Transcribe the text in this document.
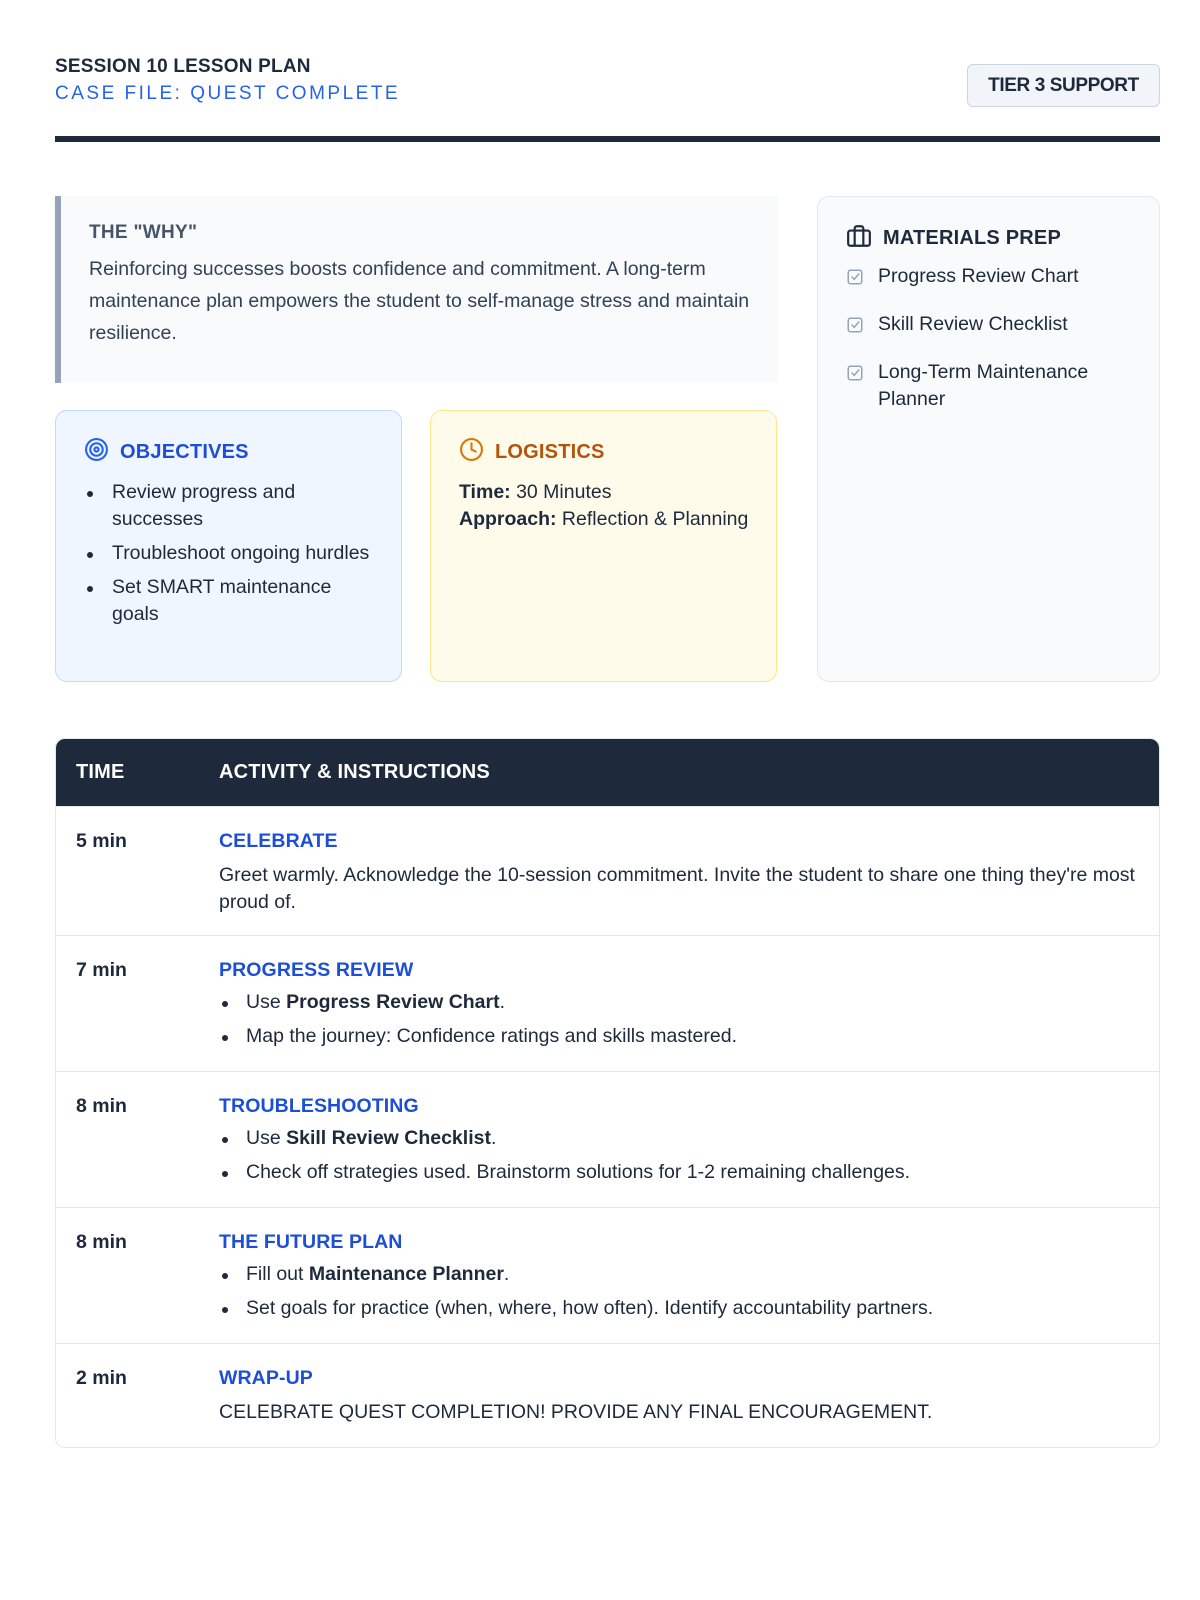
SESSION 10 LESSON PLAN
CASE FILE: QUEST COMPLETE	TIER 3 SUPPORT
THE "WHY"
Reinforcing successes boosts confidence and commitment. A long-term maintenance plan empowers the student to self-manage stress and maintain resilience.
OBJECTIVES
Review progress and successes
Troubleshoot ongoing hurdles
Set SMART maintenance goals
LOGISTICS
Time: 30 Minutes
Approach: Reflection & Planning
MATERIALS PREP
Progress Review Chart
Skill Review Checklist
Long-Term Maintenance Planner
TIME	ACTIVITY & INSTRUCTIONS
5 min	CELEBRATE
Greet warmly. Acknowledge the 10-session commitment. Invite the student to share one thing they're most proud of.
7 min	PROGRESS REVIEW
Use Progress Review Chart.
Map the journey: Confidence ratings and skills mastered.
8 min	TROUBLESHOOTING
Use Skill Review Checklist.
Check off strategies used. Brainstorm solutions for 1-2 remaining challenges.
8 min	THE FUTURE PLAN
Fill out Maintenance Planner.
Set goals for practice (when, where, how often). Identify accountability partners.
2 min	WRAP-UP
CELEBRATE QUEST COMPLETION! PROVIDE ANY FINAL ENCOURAGEMENT.
